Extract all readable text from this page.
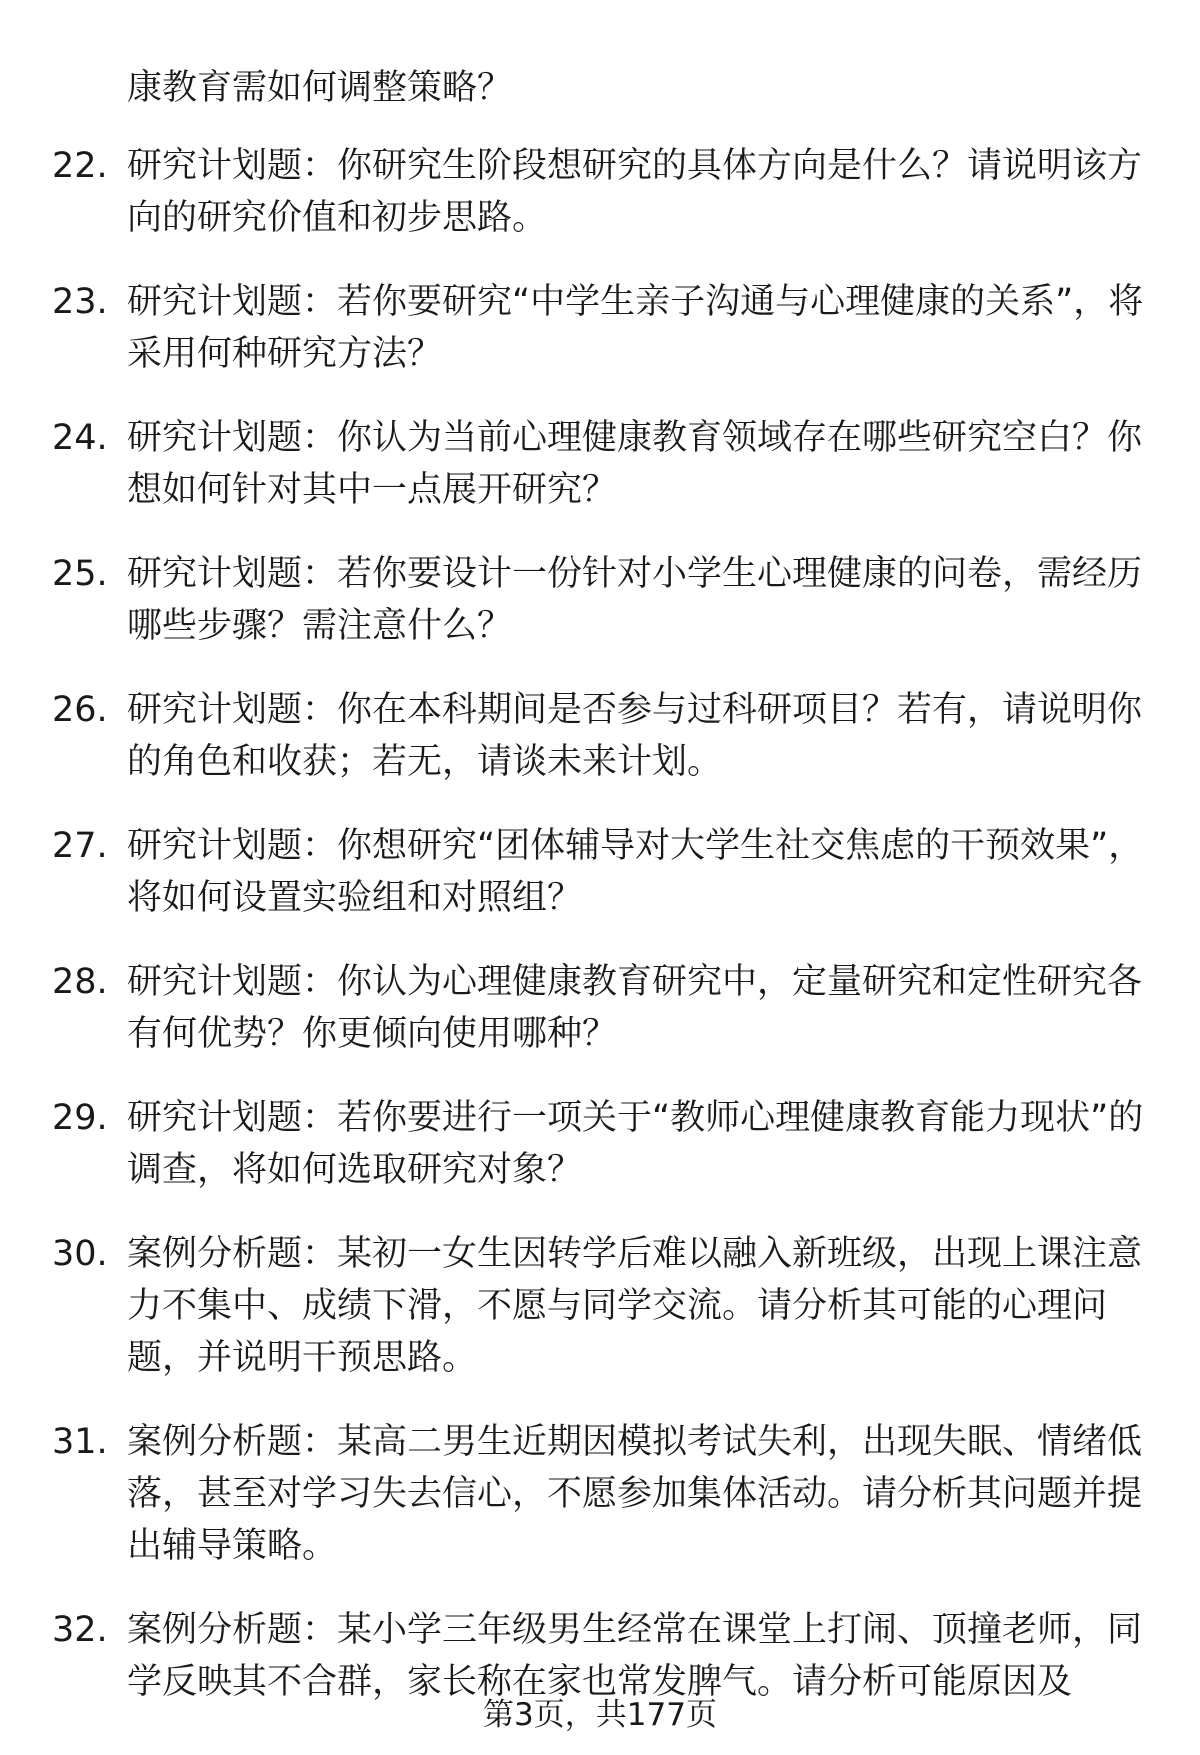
康教育需如何调整策略？

22. 研究计划题：你研究生阶段想研究的具体方向是什么？请说明该方向的研究价值和初步思路。

23. 研究计划题：若你要研究“中学生亲子沟通与心理健康的关系”，将采用何种研究方法？

24. 研究计划题：你认为当前心理健康教育领域存在哪些研究空白？你想如何针对其中一点展开研究？

25. 研究计划题：若你要设计一份针对小学生心理健康的问卷，需经历哪些步骤？需注意什么？

26. 研究计划题：你在本科期间是否参与过科研项目？若有，请说明你的角色和收获；若无，请谈未来计划。

27. 研究计划题：你想研究“团体辅导对大学生社交焦虑的干预效果”，将如何设置实验组和对照组？

28. 研究计划题：你认为心理健康教育研究中，定量研究和定性研究各有何优势？你更倾向使用哪种？

29. 研究计划题：若你要进行一项关于“教师心理健康教育能力现状”的调查，将如何选取研究对象？

30. 案例分析题：某初一女生因转学后难以融入新班级，出现上课注意力不集中、成绩下滑，不愿与同学交流。请分析其可能的心理问题，并说明干预思路。

31. 案例分析题：某高二男生近期因模拟考试失利，出现失眠、情绪低落，甚至对学习失去信心，不愿参加集体活动。请分析其问题并提出辅导策略。

32. 案例分析题：某小学三年级男生经常在课堂上打闹、顶撞老师，同学反映其不合群，家长称在家也常发脾气。请分析可能原因及

第3页，共177页
